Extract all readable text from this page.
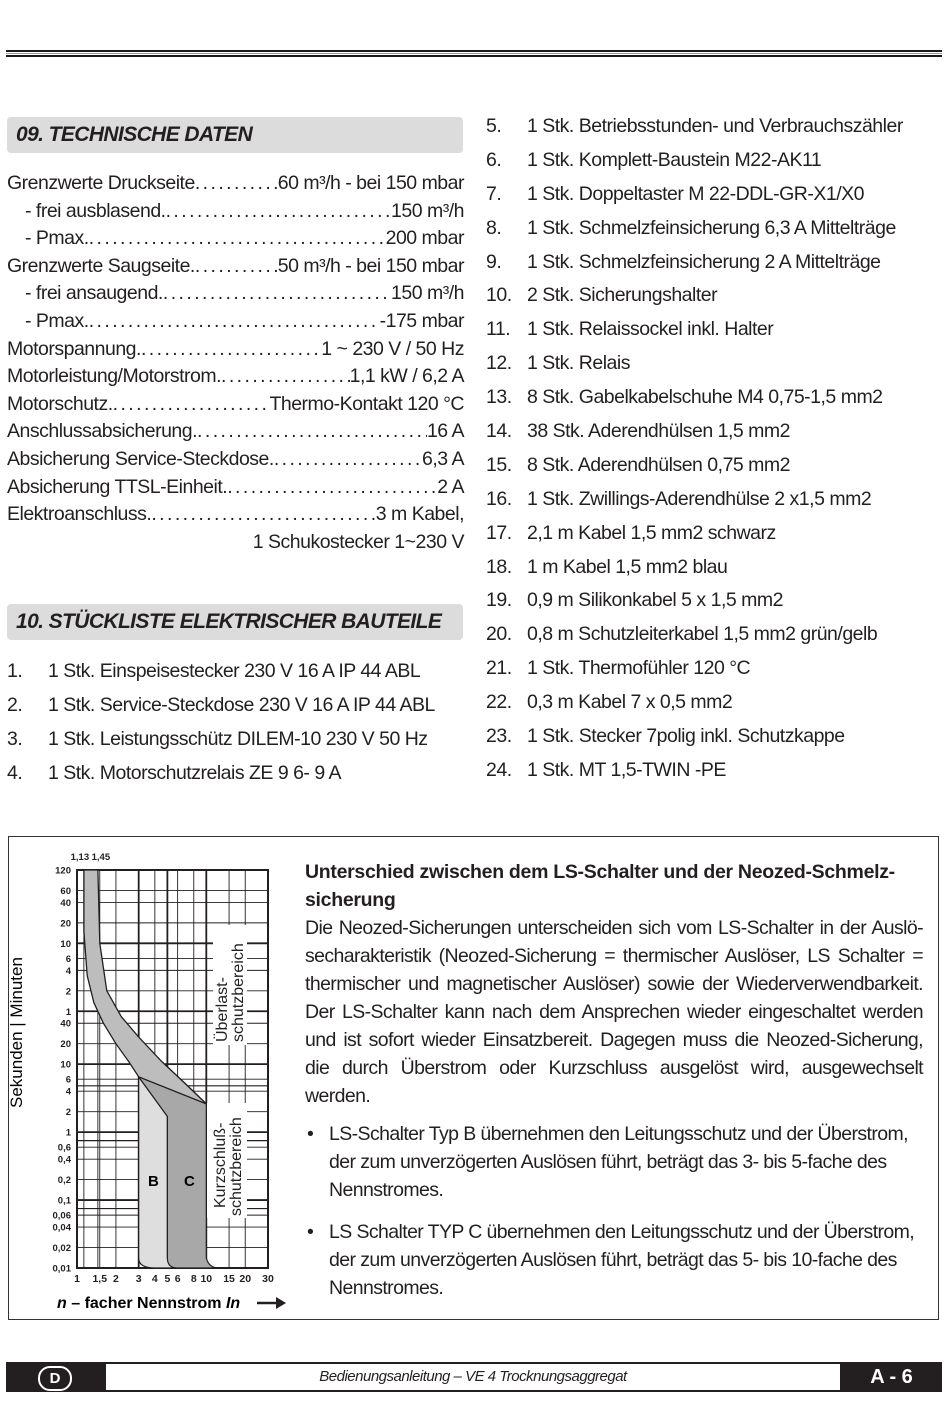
09. TECHNISCHE DATEN
Grenzwerte Druckseite . . .	60 m³/h - bei 150 mbar
- frei ausblasend. . . .	150 m³/h
- Pmax. . . .	200 mbar
Grenzwerte Saugseite. . . .	50 m³/h - bei 150 mbar
- frei ansaugend. . . .	150 m³/h
- Pmax. . . .	-175 mbar
Motorspannung. . . .	1 ~ 230 V / 50 Hz
Motorleistung/Motorstrom. . . .	1,1 kW / 6,2 A
Motorschutz. . . .	Thermo-Kontakt 120 °C
Anschlussabsicherung. . . .	16 A
Absicherung Service-Steckdose. . . .	6,3 A
Absicherung TTSL-Einheit. . . .	2 A
Elektroanschluss. . . .	3 m Kabel,
1 Schukostecker 1~230 V
10. STÜCKLISTE ELEKTRISCHER BAUTEILE
1.	1 Stk. Einspeisestecker 230 V 16 A IP 44 ABL
2.	1 Stk. Service-Steckdose 230 V 16 A IP 44 ABL
3.	1 Stk. Leistungsschütz DILEM-10 230 V 50 Hz
4.	1 Stk. Motorschutzrelais ZE 9 6- 9 A
5.	1 Stk. Betriebsstunden- und Verbrauchszähler
6.	1 Stk. Komplett-Baustein M22-AK11
7.	1 Stk. Doppeltaster M 22-DDL-GR-X1/X0
8.	1 Stk. Schmelzfeinsicherung 6,3 A Mittelträge
9.	1 Stk. Schmelzfeinsicherung 2 A Mittelträge
10. 2 Stk. Sicherungshalter
11. 1 Stk. Relaissockel inkl. Halter
12. 1 Stk. Relais
13. 8 Stk. Gabelkabelschuhe M4 0,75-1,5 mm2
14. 38 Stk. Aderendhülsen 1,5 mm2
15. 8 Stk. Aderendhülsen 0,75 mm2
16. 1 Stk. Zwillings-Aderendhülse 2 x1,5 mm2
17. 2,1 m Kabel 1,5 mm2 schwarz
18. 1 m Kabel 1,5 mm2 blau
19. 0,9 m Silikonkabel 5 x 1,5 mm2
20. 0,8 m Schutzleiterkabel 1,5 mm2 grün/gelb
21. 1 Stk. Thermofühler 120 °C
22. 0,3 m Kabel 7 x 0,5 mm2
23. 1 Stk. Stecker 7polig inkl. Schutzkappe
24. 1 Stk. MT 1,5-TWIN -PE
Überlast- schutzbereich
Kurzschluß- schutzbereich
120
60
40
20
10
6
4
2
1
40
20
10
6
4
2
1
0,6
0,4
0,2
0,1
0,06
0,04
0,02
0,01
1 1,5 2 3 4 5 6 8 10 15 20 30
1,13 1,45
B C
Sekunden | Minuten
n – facher Nennstrom In
Unterschied zwischen dem LS-Schalter und der Neozed-Schmelz-
sicherung

Die Neozed-Sicherungen unterscheiden sich vom LS-Schalter in der Auslö-secharakteristik (Neozed-Sicherung = thermischer Auslöser, LS Schalter = thermischer und magnetischer Auslöser) sowie der Wiederverwendbarkeit. Der LS-Schalter kann nach dem Ansprechen wieder eingeschaltet werden und ist sofort wieder Einsatzbereit. Dagegen muss die Neozed-Sicherung, die durch Überstrom oder Kurzschluss ausgelöst wird, ausgewechselt werden.

• LS-Schalter Typ B übernehmen den Leitungsschutz und der Überstrom, der zum unverzögerten Auslösen führt, beträgt das 3- bis 5-fache des Nennstromes.
• LS Schalter TYP C übernehmen den Leitungsschutz und der Überstrom, der zum unverzögerten Auslösen führt, beträgt das 5- bis 10-fache des Nennstromes.
D	Bedienungsanleitung – VE 4 Trocknungsaggregat	A - 6
